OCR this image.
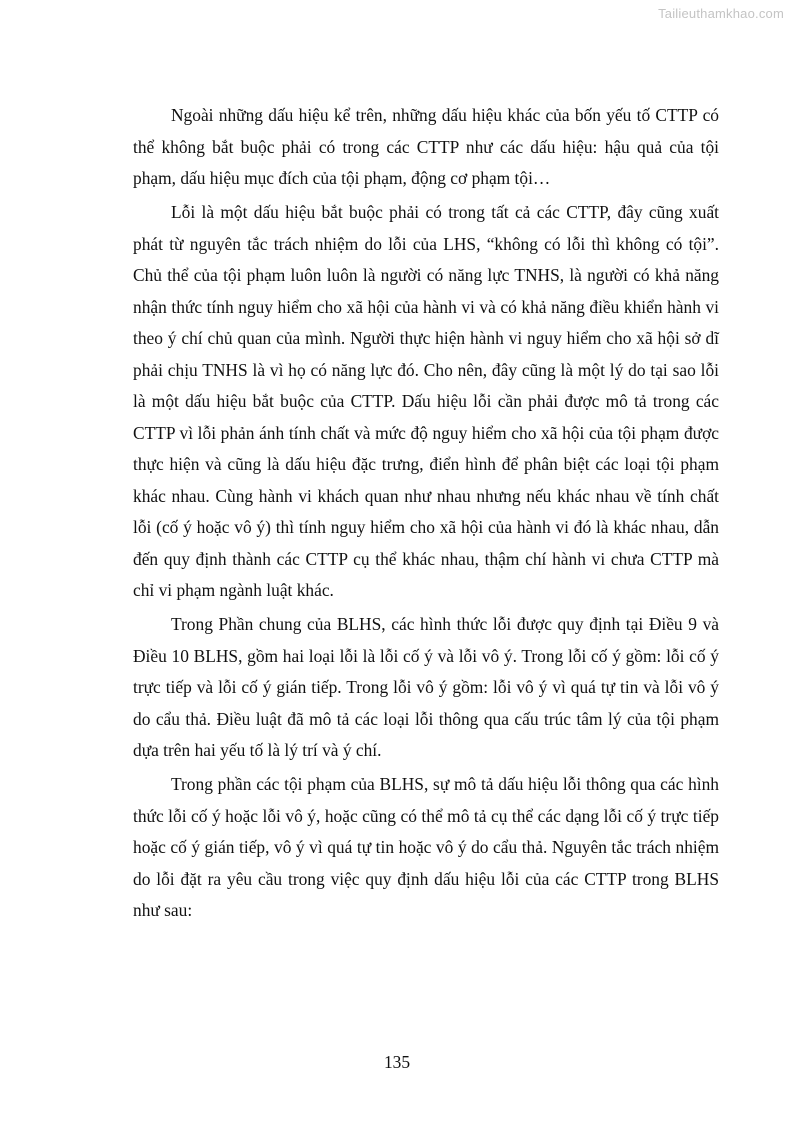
Tailieuthamkhao.com

Ngoài những dấu hiệu kể trên, những dấu hiệu khác của bốn yếu tố CTTP có thể không bắt buộc phải có trong các CTTP như các dấu hiệu: hậu quả của tội phạm, dấu hiệu mục đích của tội phạm, động cơ phạm tội…

Lỗi là một dấu hiệu bắt buộc phải có trong tất cả các CTTP, đây cũng xuất phát từ nguyên tắc trách nhiệm do lỗi của LHS, “không có lỗi thì không có tội”. Chủ thể của tội phạm luôn luôn là người có năng lực TNHS, là người có khả năng nhận thức tính nguy hiểm cho xã hội của hành vi và có khả năng điều khiển hành vi theo ý chí chủ quan của mình. Người thực hiện hành vi nguy hiểm cho xã hội sở dĩ phải chịu TNHS là vì họ có năng lực đó. Cho nên, đây cũng là một lý do tại sao lỗi là một dấu hiệu bắt buộc của CTTP. Dấu hiệu lỗi cần phải được mô tả trong các CTTP vì lỗi phản ánh tính chất và mức độ nguy hiểm cho xã hội của tội phạm được thực hiện và cũng là dấu hiệu đặc trưng, điển hình để phân biệt các loại tội phạm khác nhau. Cùng hành vi khách quan như nhau nhưng nếu khác nhau về tính chất lỗi (cố ý hoặc vô ý) thì tính nguy hiểm cho xã hội của hành vi đó là khác nhau, dẫn đến quy định thành các CTTP cụ thể khác nhau, thậm chí hành vi chưa CTTP mà chỉ vi phạm ngành luật khác.

Trong Phần chung của BLHS, các hình thức lỗi được quy định tại Điều 9 và Điều 10 BLHS, gồm hai loại lỗi là lỗi cố ý và lỗi vô ý. Trong lỗi cố ý gồm: lỗi cố ý trực tiếp và lỗi cố ý gián tiếp. Trong lỗi vô ý gồm: lỗi vô ý vì quá tự tin và lỗi vô ý do cẩu thả. Điều luật đã mô tả các loại lỗi thông qua cấu trúc tâm lý của tội phạm dựa trên hai yếu tố là lý trí và ý chí.

Trong phần các tội phạm của BLHS, sự mô tả dấu hiệu lỗi thông qua các hình thức lỗi cố ý hoặc lỗi vô ý, hoặc cũng có thể mô tả cụ thể các dạng lỗi cố ý trực tiếp hoặc cố ý gián tiếp, vô ý vì quá tự tin hoặc vô ý do cẩu thả. Nguyên tắc trách nhiệm do lỗi đặt ra yêu cầu trong việc quy định dấu hiệu lỗi của các CTTP trong BLHS như sau:

135
